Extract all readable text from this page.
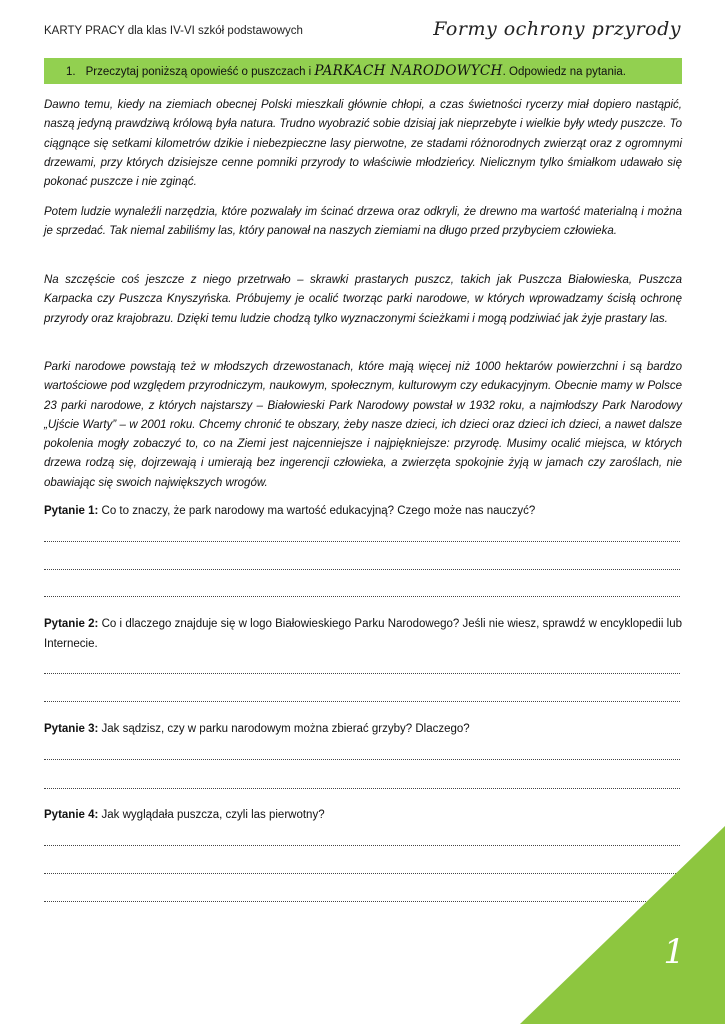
KARTY PRACY dla klas IV-VI szkół podstawowych	Formy ochrony przyrody
1. Przeczytaj poniższą opowieść o puszczach i PARKACH NARODOWYCH. Odpowiedz na pytania.

Dawno temu, kiedy na ziemiach obecnej Polski mieszkali głównie chłopi, a czas świetności rycerzy miał dopiero nastąpić, naszą jedyną prawdziwą królową była natura. Trudno wyobrazić sobie dzisiaj jak nieprzebyte i wielkie były wtedy puszcze. To ciągnące się setkami kilometrów dzikie i niebezpieczne lasy pierwotne, ze stadami różnorodnych zwierząt oraz z ogromnymi drzewami, przy których dzisiejsze cenne pomniki przyrody to właściwie młodzieńcy. Nielicznym tylko śmiałkom udawało się pokonać puszcze i nie zginąć.

Potem ludzie wynaleźli narzędzia, które pozwalały im ścinać drzewa oraz odkryli, że drewno ma wartość materialną i można je sprzedać. Tak niemal zabiliśmy las, który panował na naszych ziemiami na długo przed przybyciem człowieka.

Na szczęście coś jeszcze z niego przetrwało – skrawki prastarych puszcz, takich jak Puszcza Białowieska, Puszcza Karpacka czy Puszcza Knyszyńska. Próbujemy je ocalić tworząc parki narodowe, w których wprowadzamy ścisłą ochronę przyrody oraz krajobrazu. Dzięki temu ludzie chodzą tylko wyznaczonymi ścieżkami i mogą podziwiać jak żyje prastary las.

Parki narodowe powstają też w młodszych drzewostanach, które mają więcej niż 1000 hektarów powierzchni i są bardzo wartościowe pod względem przyrodniczym, naukowym, społecznym, kulturowym czy edukacyjnym. Obecnie mamy w Polsce 23 parki narodowe, z których najstarszy – Białowieski Park Narodowy powstał w 1932 roku, a najmłodszy Park Narodowy „Ujście Warty” – w 2001 roku. Chcemy chronić te obszary, żeby nasze dzieci, ich dzieci oraz dzieci ich dzieci, a nawet dalsze pokolenia mogły zobaczyć to, co na Ziemi jest najcenniejsze i najpiękniejsze: przyrodę. Musimy ocalić miejsca, w których drzewa rodzą się, dojrzewają i umierają bez ingerencji człowieka, a zwierzęta spokojnie żyją w jamach czy zaroślach, nie obawiając się swoich największych wrogów.

Pytanie 1: Co to znaczy, że park narodowy ma wartość edukacyjną? Czego może nas nauczyć?

Pytanie 2: Co i dlaczego znajduje się w logo Białowieskiego Parku Narodowego? Jeśli nie wiesz, sprawdź w encyklopedii lub Internecie.

Pytanie 3: Jak sądzisz, czy w parku narodowym można zbierać grzyby? Dlaczego?

Pytanie 4: Jak wyglądała puszcza, czyli las pierwotny?

1
